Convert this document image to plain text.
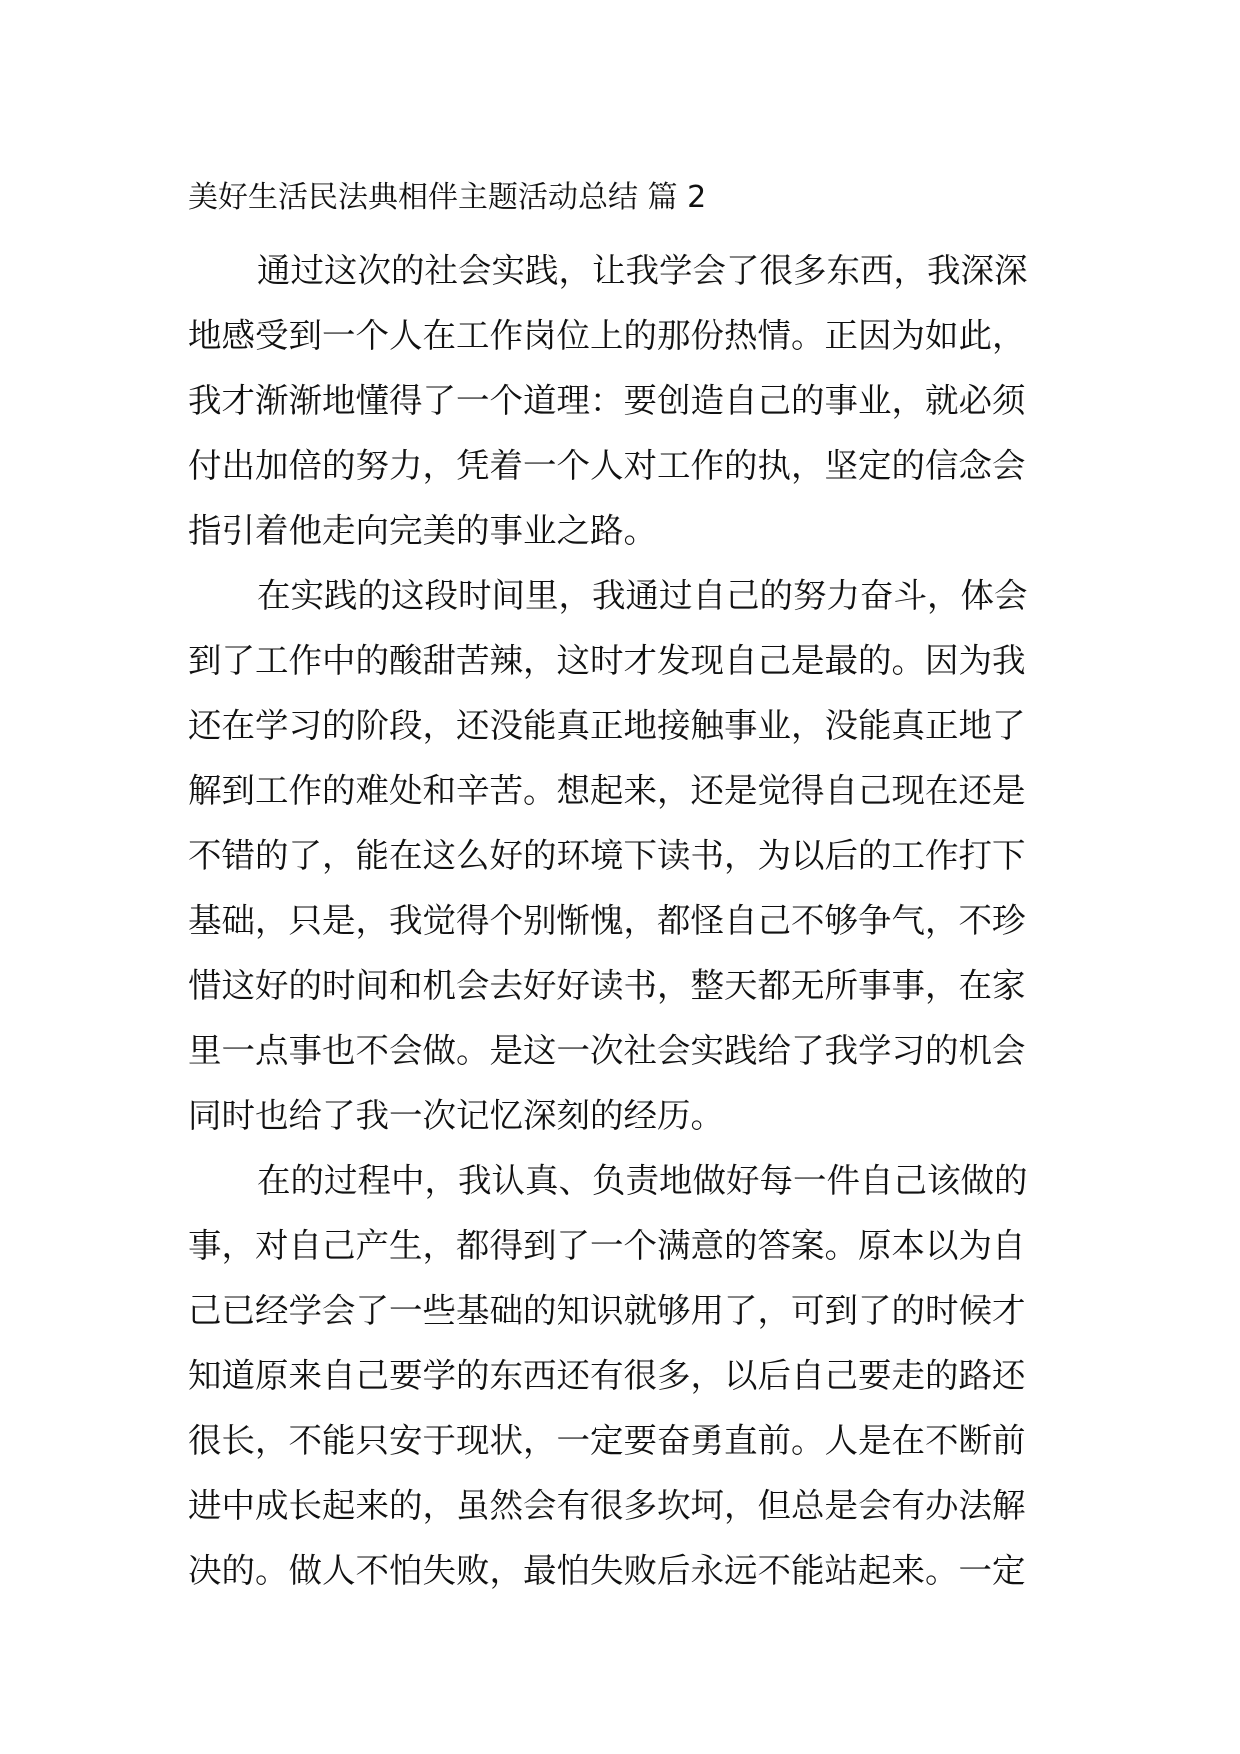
美好生活民法典相伴主题活动总结 篇 2
通过这次的社会实践，让我学会了很多东西，我深深
地感受到一个人在工作岗位上的那份热情。正因为如此，
我才渐渐地懂得了一个道理：要创造自己的事业，就必须
付出加倍的努力，凭着一个人对工作的执，坚定的信念会
指引着他走向完美的事业之路。
在实践的这段时间里，我通过自己的努力奋斗，体会
到了工作中的酸甜苦辣，这时才发现自己是最的。因为我
还在学习的阶段，还没能真正地接触事业，没能真正地了
解到工作的难处和辛苦。想起来，还是觉得自己现在还是
不错的了，能在这么好的环境下读书，为以后的工作打下
基础，只是，我觉得个别惭愧，都怪自己不够争气，不珍
惜这好的时间和机会去好好读书，整天都无所事事，在家
里一点事也不会做。是这一次社会实践给了我学习的机会
同时也给了我一次记忆深刻的经历。
在的过程中，我认真、负责地做好每一件自己该做的
事，对自己产生，都得到了一个满意的答案。原本以为自
己已经学会了一些基础的知识就够用了，可到了的时候才
知道原来自己要学的东西还有很多，以后自己要走的路还
很长，不能只安于现状，一定要奋勇直前。人是在不断前
进中成长起来的，虽然会有很多坎坷，但总是会有办法解
决的。做人不怕失败，最怕失败后永远不能站起来。一定
